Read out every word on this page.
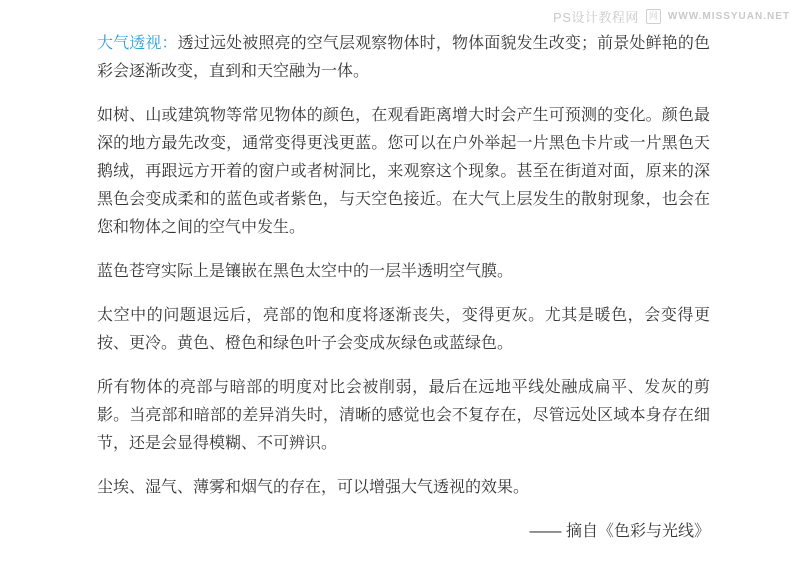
PS设计教程网	网	WWW.MISSYUAN.NET

大气透视：透过远处被照亮的空气层观察物体时，物体面貌发生改变；前景处鲜艳的色彩会逐渐改变，直到和天空融为一体。

如树、山或建筑物等常见物体的颜色，在观看距离增大时会产生可预测的变化。颜色最深的地方最先改变，通常变得更浅更蓝。您可以在户外举起一片黑色卡片或一片黑色天鹅绒，再跟远方开着的窗户或者树洞比，来观察这个现象。甚至在街道对面，原来的深黑色会变成柔和的蓝色或者紫色，与天空色接近。在大气上层发生的散射现象，也会在您和物体之间的空气中发生。

蓝色苍穹实际上是镶嵌在黑色太空中的一层半透明空气膜。

太空中的问题退远后，亮部的饱和度将逐渐丧失，变得更灰。尤其是暖色，会变得更按、更冷。黄色、橙色和绿色叶子会变成灰绿色或蓝绿色。

所有物体的亮部与暗部的明度对比会被削弱，最后在远地平线处融成扁平、发灰的剪影。当亮部和暗部的差异消失时，清晰的感觉也会不复存在，尽管远处区域本身存在细节，还是会显得模糊、不可辨识。

尘埃、湿气、薄雾和烟气的存在，可以增强大气透视的效果。

—— 摘自《色彩与光线》
